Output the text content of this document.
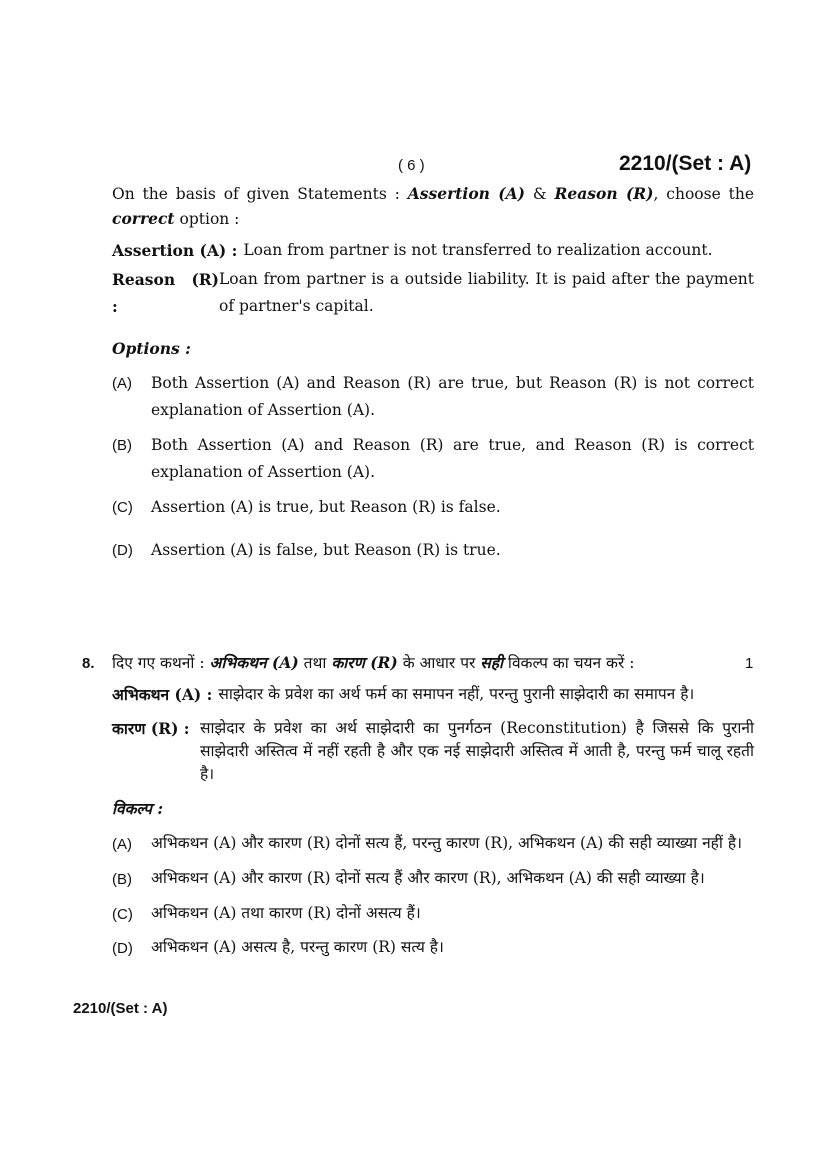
( 6 )	2210/(Set : A)
On the basis of given Statements : Assertion (A) & Reason (R), choose the
correct option :
Assertion (A) : Loan from partner is not transferred to realization account.
Reason (R) :
Loan from partner is a outside liability. It is paid after the payment of partner's capital.
Options :
(A) Both Assertion (A) and Reason (R) are true, but Reason (R) is not correct explanation of Assertion (A).
(B) Both Assertion (A) and Reason (R) are true, and Reason (R) is correct explanation of Assertion (A).
(C) Assertion (A) is true, but Reason (R) is false.
(D) Assertion (A) is false, but Reason (R) is true.
8.	1
दिए गए कथनों : अभिकथन (A) तथा कारण (R) के आधार पर सही विकल्प का चयन करें :
अभिकथन (A) : साझेदार के प्रवेश का अर्थ फर्म का समापन नहीं, परन्तु पुरानी साझेदारी का समापन है।
कारण (R) : साझेदार के प्रवेश का अर्थ साझेदारी का पुनर्गठन (Reconstitution) है जिससे कि पुरानी साझेदारी अस्तित्व में नहीं रहती है और एक नई साझेदारी अस्तित्व में आती है, परन्तु फर्म चालू रहती है।
विकल्प :
(A) अभिकथन (A) और कारण (R) दोनों सत्य हैं, परन्तु कारण (R), अभिकथन (A) की सही व्याख्या नहीं है।
(B) अभिकथन (A) और कारण (R) दोनों सत्य हैं और कारण (R), अभिकथन (A) की सही व्याख्या है।
(C) अभिकथन (A) तथा कारण (R) दोनों असत्य हैं।
(D) अभिकथन (A) असत्य है, परन्तु कारण (R) सत्य है।
2210/(Set : A)
